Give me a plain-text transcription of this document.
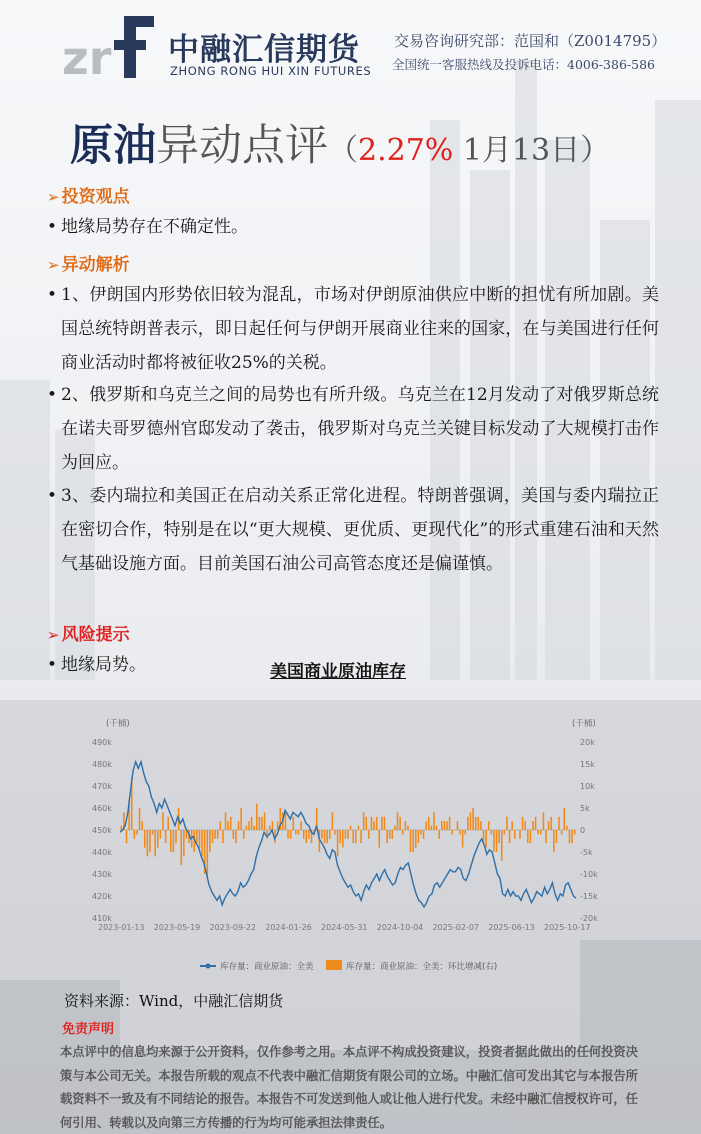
zr 中融汇信期货
ZHONG RONG HUI XIN FUTURES
交易咨询研究部：范国和（Z0014795）
全国统一客服热线及投诉电话：4006-386-586
原油异动点评（2.27% 1月13日）
➢ 投资观点
• 地缘局势存在不确定性。
➢ 异动解析
• 1、伊朗国内形势依旧较为混乱，市场对伊朗原油供应中断的担忧有所加剧。美国总统特朗普表示，即日起任何与伊朗开展商业往来的国家，在与美国进行任何商业活动时都将被征收25%的关税。
• 2、俄罗斯和乌克兰之间的局势也有所升级。乌克兰在12月发动了对俄罗斯总统在诺夫哥罗德州官邸发动了袭击，俄罗斯对乌克兰关键目标发动了大规模打击作为回应。
• 3、委内瑞拉和美国正在启动关系正常化进程。特朗普强调，美国与委内瑞拉正在密切合作，特别是在以“更大规模、更优质、更现代化”的形式重建石油和天然气基础设施方面。目前美国石油公司高管态度还是偏谨慎。
➢ 风险提示
• 地缘局势。	美国商业原油库存
(千桶)	(千桶)
490k
480k
470k
460k
450k
440k
430k
420k
410k
20k
15k
10k
5k
0
-5k
-10k
-15k
-20k
2023-01-13 2023-05-19 2023-09-22 2024-01-26 2024-05-31 2024-10-04 2025-02-07 2025-06-13 2025-10-17
库存量：商业原油：全美	库存量：商业原油：全美：环比增减(右)
资料来源：Wind，中融汇信期货
免责声明
本点评中的信息均来源于公开资料，仅作参考之用。本点评不构成投资建议，投资者据此做出的任何投资决策与本公司无关。本报告所载的观点不代表中融汇信期货有限公司的立场。中融汇信可发出其它与本报告所载资料不一致及有不同结论的报告。本报告不可发送到他人或让他人进行代发。未经中融汇信授权许可，任何引用、转载以及向第三方传播的行为均可能承担法律责任。
